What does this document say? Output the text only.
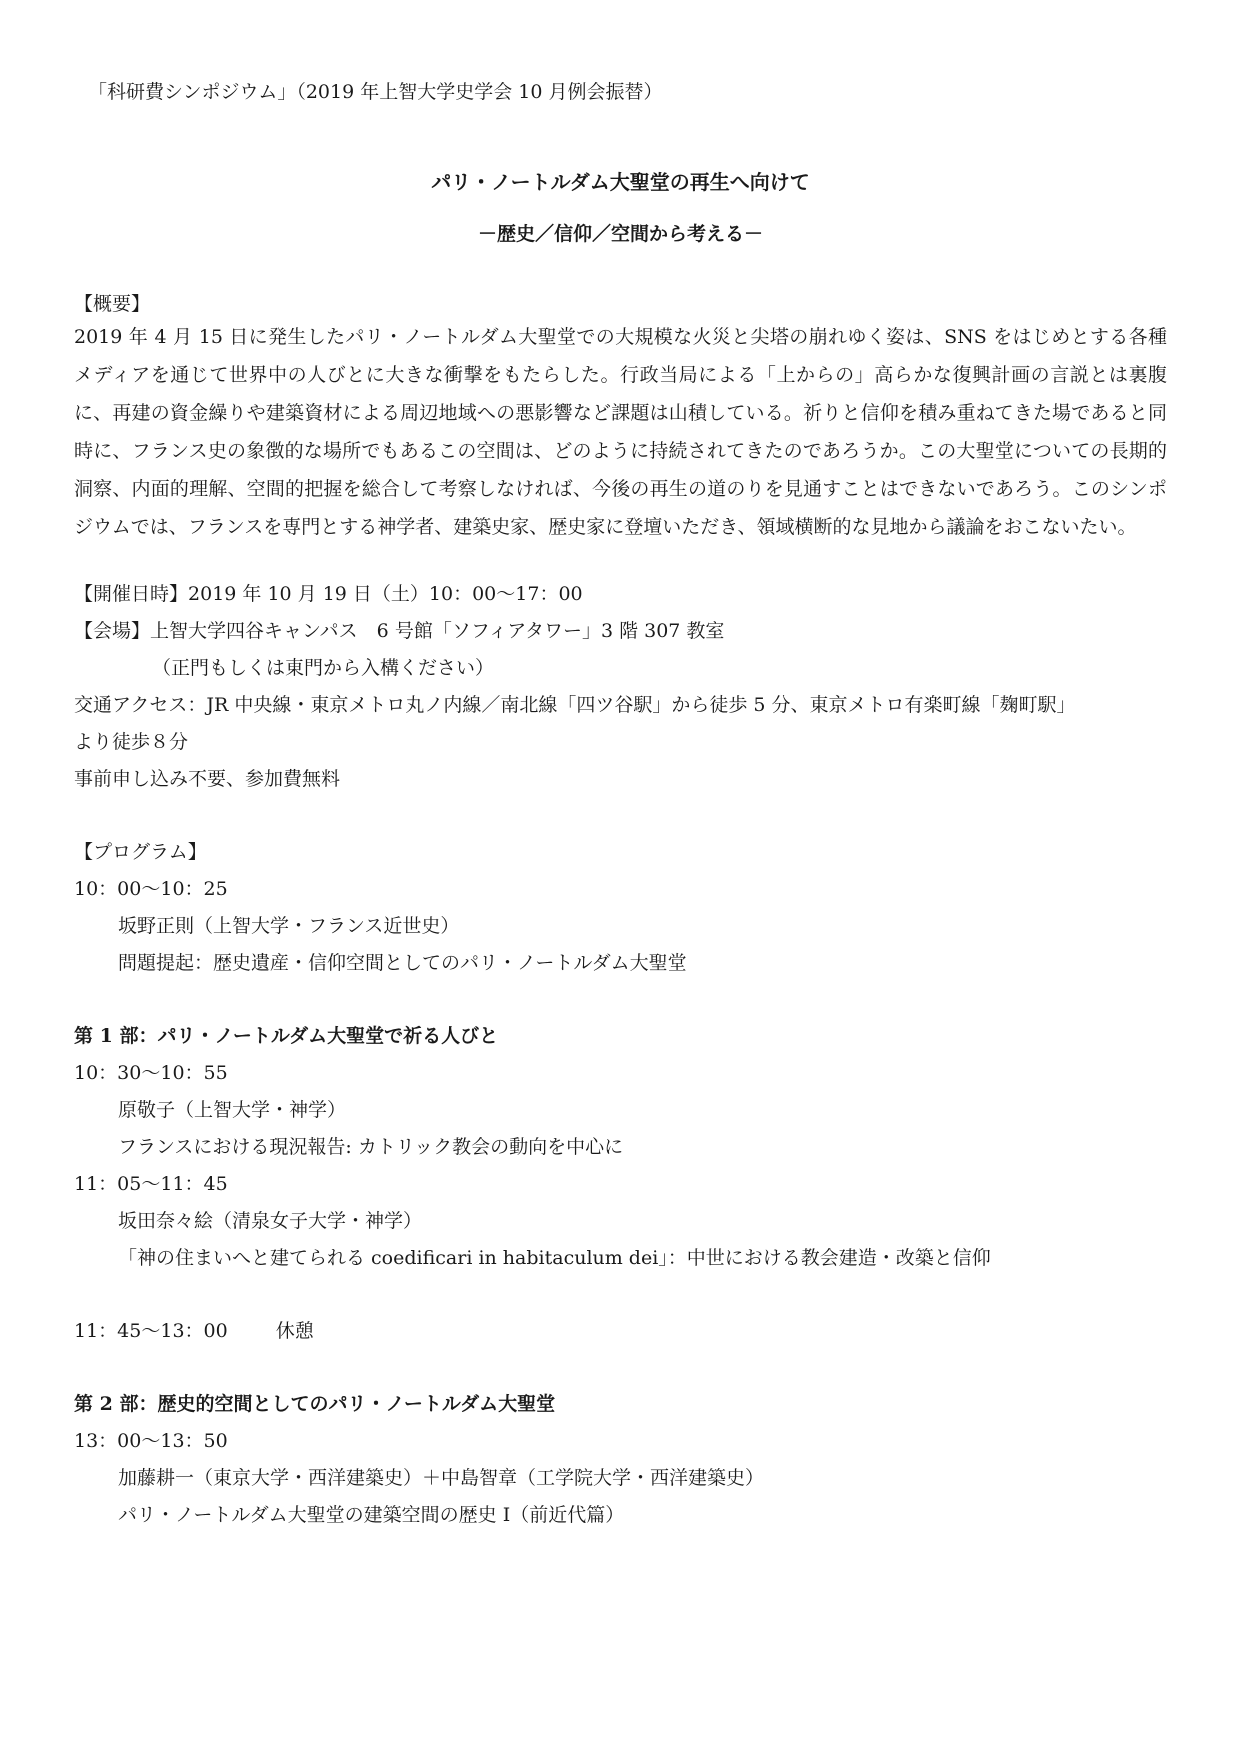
「科研費シンポジウム」（2019 年上智大学史学会 10 月例会振替）

パリ・ノートルダム大聖堂の再生へ向けて

－歴史／信仰／空間から考える－

【概要】

2019 年 4 月 15 日に発生したパリ・ノートルダム大聖堂での大規模な火災と尖塔の崩れゆく姿は、SNS をはじめとする各種メディアを通じて世界中の人びとに大きな衝撃をもたらした。行政当局による「上からの」高らかな復興計画の言説とは裏腹に、再建の資金繰りや建築資材による周辺地域への悪影響など課題は山積している。祈りと信仰を積み重ねてきた場であると同時に、フランス史の象徴的な場所でもあるこの空間は、どのように持続されてきたのであろうか。この大聖堂についての長期的洞察、内面的理解、空間的把握を総合して考察しなければ、今後の再生の道のりを見通すことはできないであろう。このシンポジウムでは、フランスを専門とする神学者、建築史家、歴史家に登壇いただき、領域横断的な見地から議論をおこないたい。

【開催日時】2019 年 10 月 19 日（土）10：00～17：00

【会場】上智大学四谷キャンパス　6 号館「ソフィアタワー」3 階 307 教室

（正門もしくは東門から入構ください）

交通アクセス：JR 中央線・東京メトロ丸ノ内線／南北線「四ツ谷駅」から徒歩 5 分、東京メトロ有楽町線「麹町駅」

より徒歩８分

事前申し込み不要、参加費無料

【プログラム】

10：00～10：25

坂野正則（上智大学・フランス近世史）

問題提起：歴史遺産・信仰空間としてのパリ・ノートルダム大聖堂

第 1 部：パリ・ノートルダム大聖堂で祈る人びと

10：30～10：55

原敬子（上智大学・神学）

フランスにおける現況報告: カトリック教会の動向を中心に

11：05～11：45

坂田奈々絵（清泉女子大学・神学）

「神の住まいへと建てられる coedificari in habitaculum dei」：中世における教会建造・改築と信仰

11：45～13：00	休憩

第 2 部：歴史的空間としてのパリ・ノートルダム大聖堂

13：00～13：50

加藤耕一（東京大学・西洋建築史）＋中島智章（工学院大学・西洋建築史）

パリ・ノートルダム大聖堂の建築空間の歴史 I（前近代篇）
